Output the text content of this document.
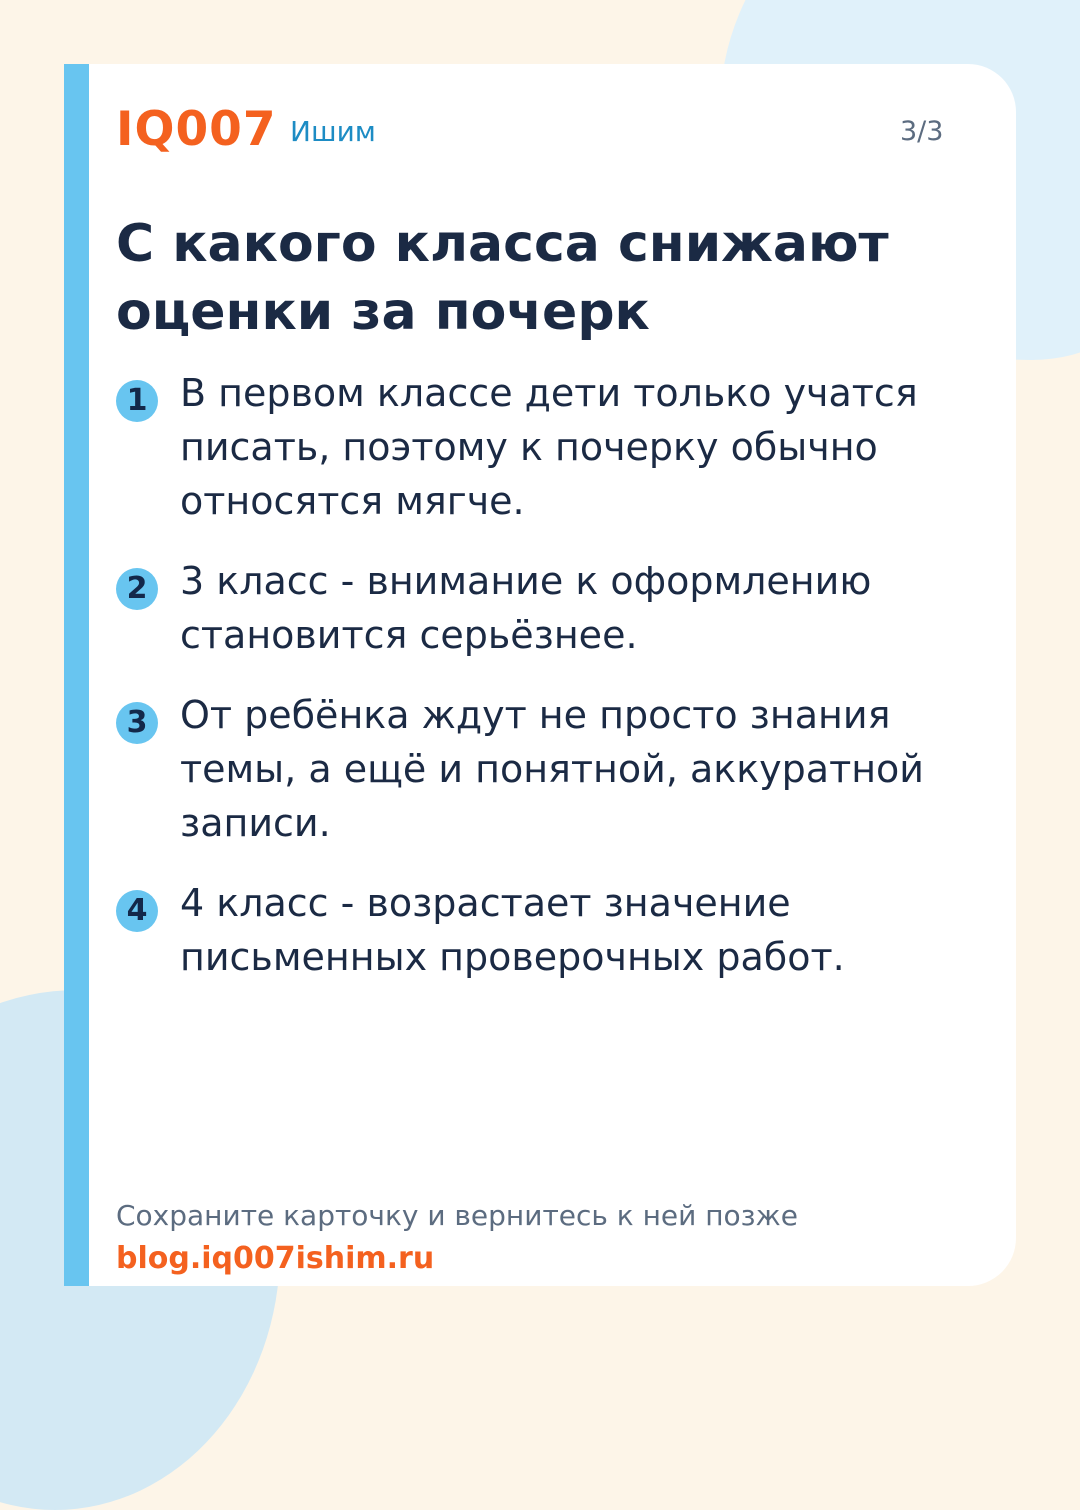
IQ007 Ишим	3/3
С какого класса снижают оценки за почерк
1 В первом классе дети только учатся писать, поэтому к почерку обычно относятся мягче.
2 3 класс - внимание к оформлению становится серьёзнее.
3 От ребёнка ждут не просто знания темы, а ещё и понятной, аккуратной записи.
4 4 класс - возрастает значение письменных проверочных работ.
Сохраните карточку и вернитесь к ней позже
blog.iq007ishim.ru
